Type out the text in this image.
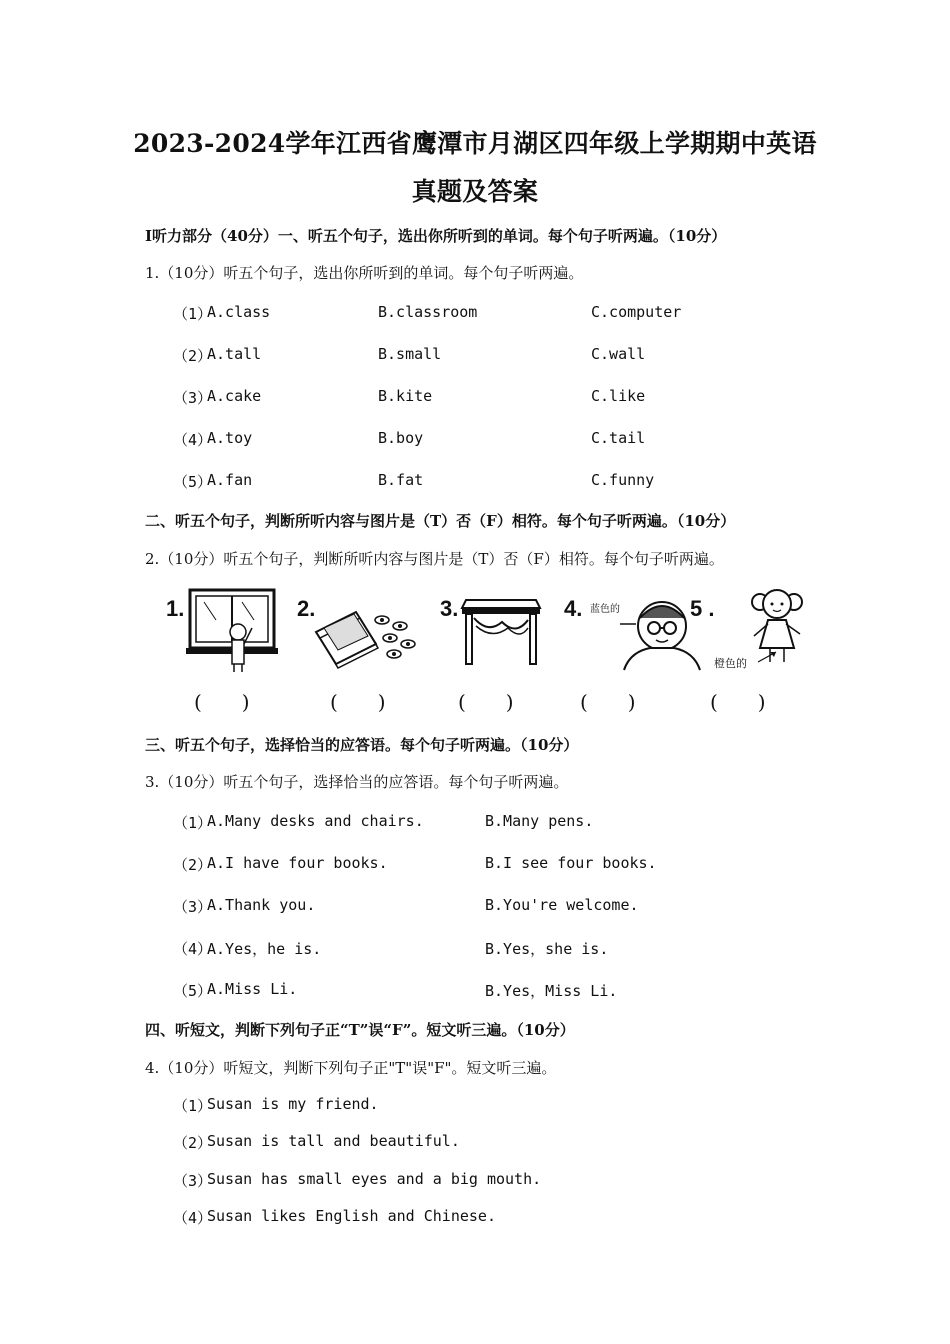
2023-2024学年江西省鹰潭市月湖区四年级上学期期中英语
真题及答案
I听力部分（40分）一、听五个句子，选出你所听到的单词。每个句子听两遍。（10分）
1.（10分）听五个句子，选出你所听到的单词。每个句子听两遍。
（1）
A.class	B.classroom	C.computer
（2）
A.tall	B.small	C.wall
（3）
A.cake	B.kite	C.like
（4）
A.toy	B.boy	C.tail
（5）
A.fan	B.fat	C.funny
二、听五个句子，判断所听内容与图片是（T）否（F）相符。每个句子听两遍。（10分）
2.（10分）听五个句子，判断所听内容与图片是（T）否（F）相符。每个句子听两遍。
1.	2.	3.	4. 蓝色的	5 .
橙色的
(　　)	(　　)	(　　)	(　　)	(　　)
三、听五个句子，选择恰当的应答语。每个句子听两遍。（10分）
3.（10分）听五个句子，选择恰当的应答语。每个句子听两遍。
（1）
A.Many desks and chairs.	B.Many pens.
（2）
A.I have four books.	B.I see four books.
（3）
A.Thank you.	B.You're welcome.
（4）
A.Yes，he is.	B.Yes，she is.
（5）
A.Miss Li.	B.Yes，Miss Li.
四、听短文，判断下列句子正“T”误“F”。短文听三遍。（10分）
4.（10分）听短文，判断下列句子正"T"误"F"。短文听三遍。
（1）
Susan is my friend.
（2）
Susan is tall and beautiful.
（3）
Susan has small eyes and a big mouth.
（4）
Susan likes English and Chinese.
